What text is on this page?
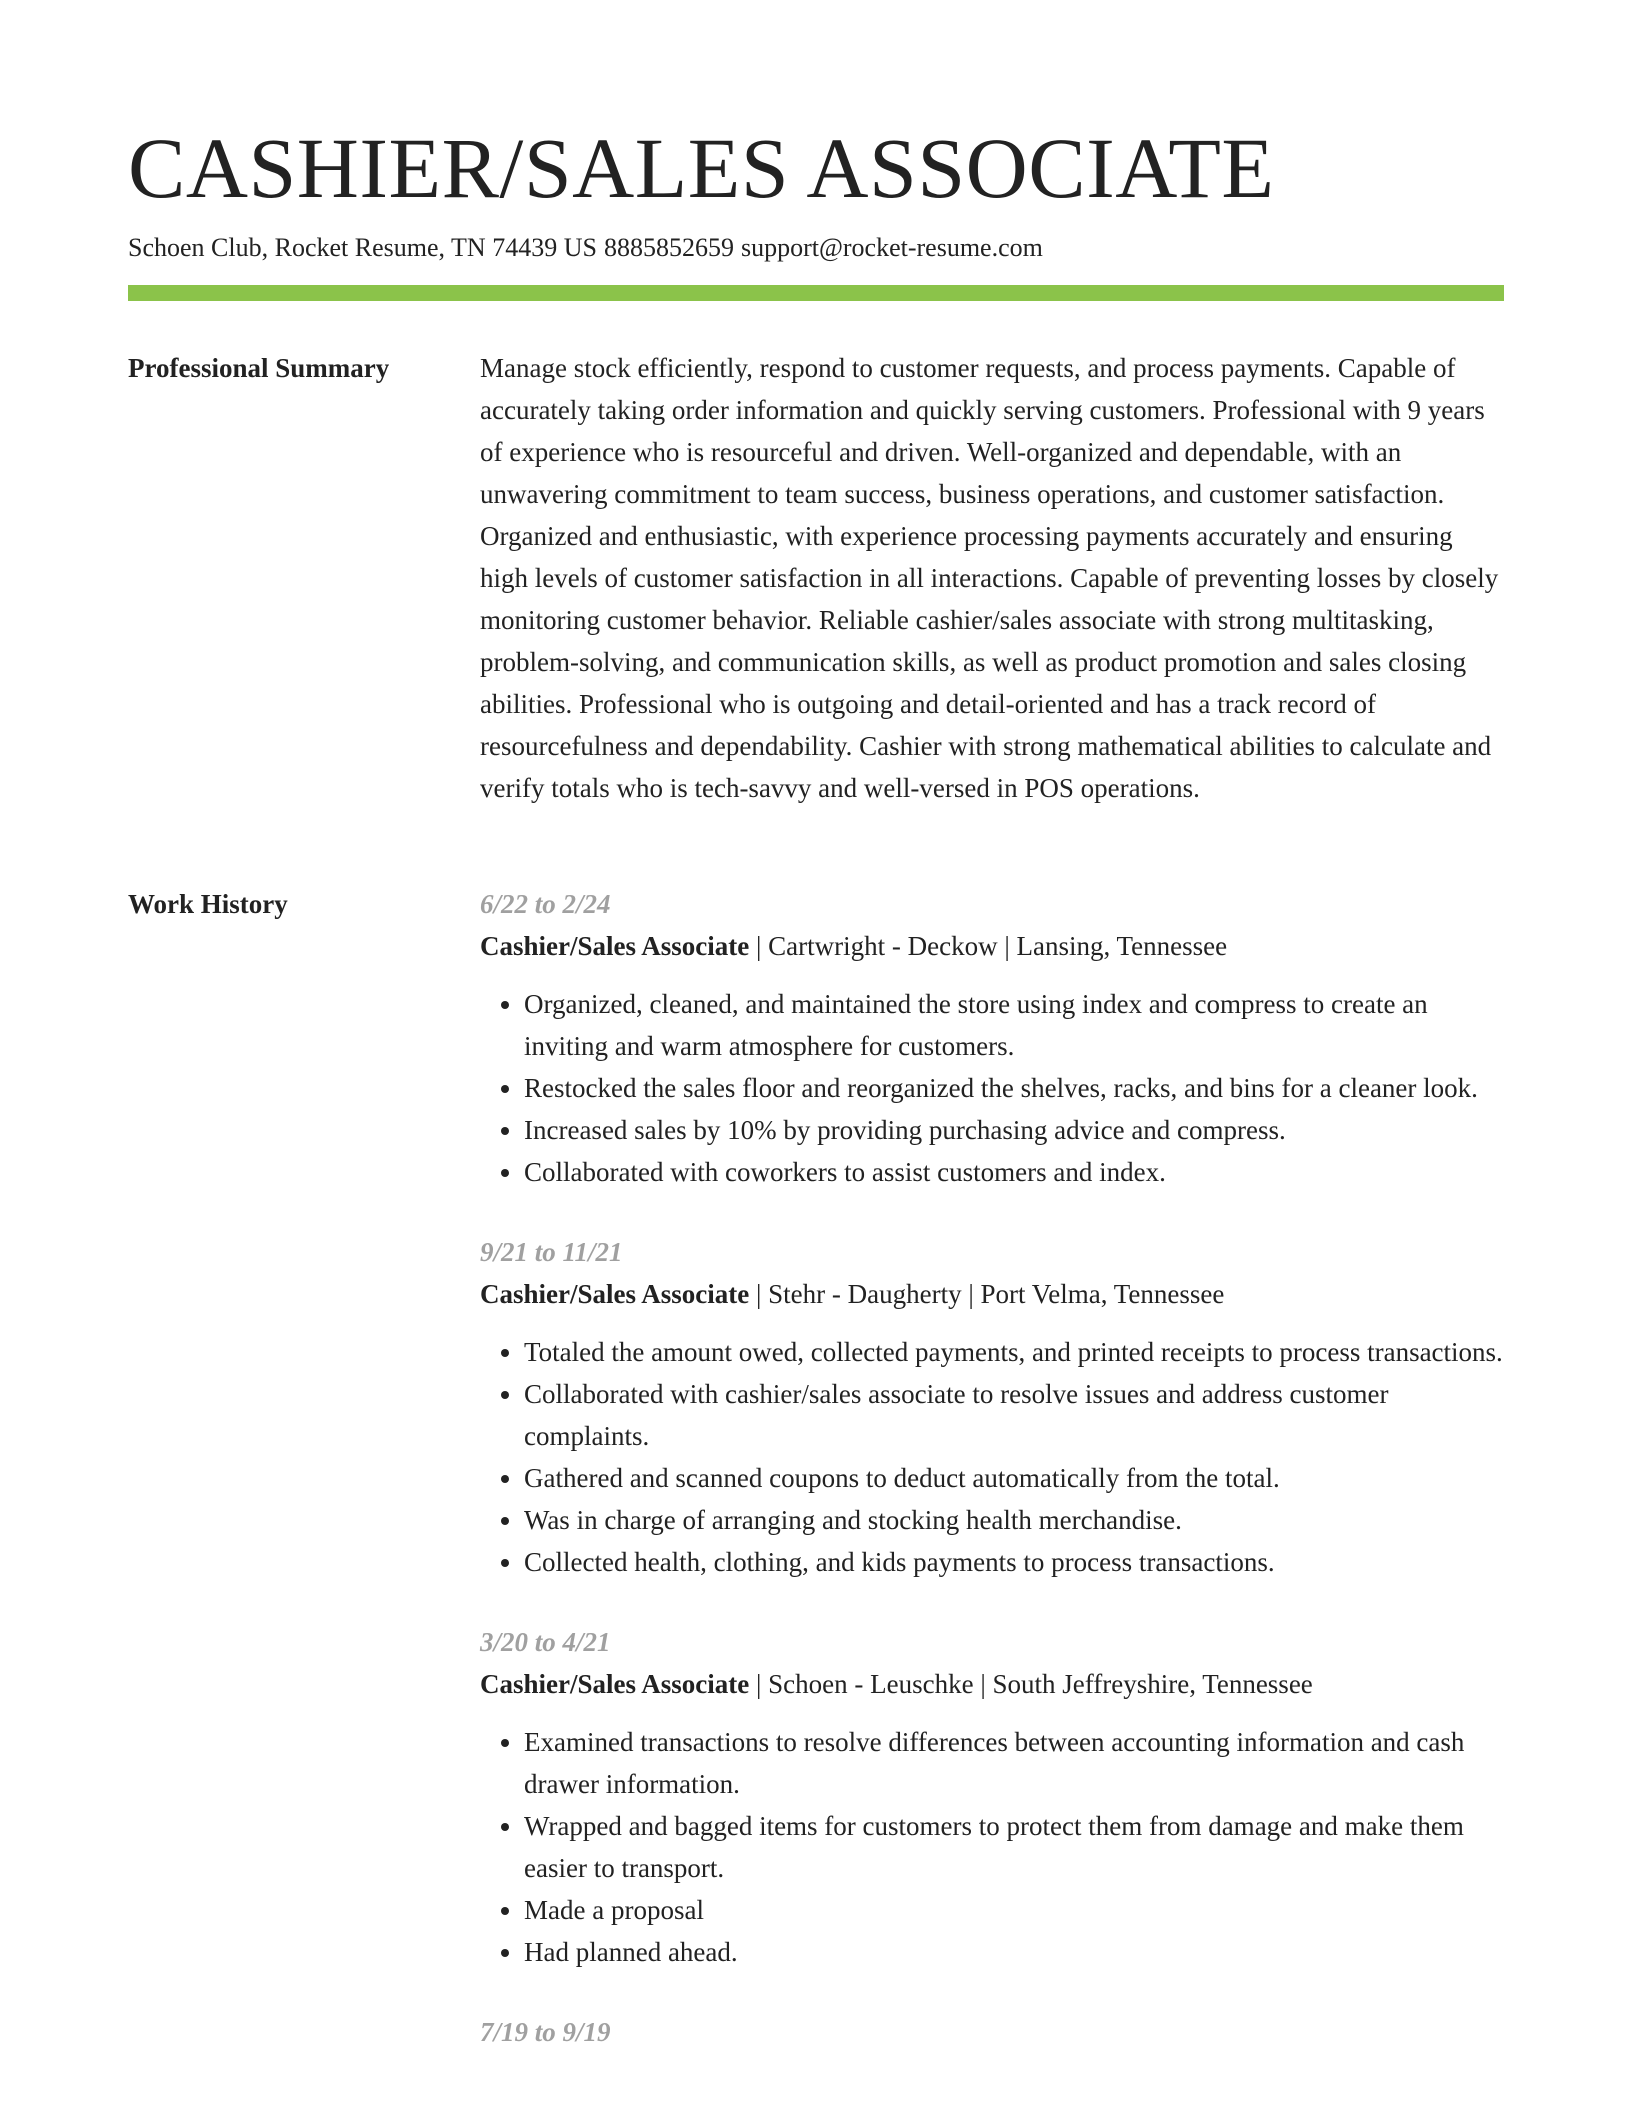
CASHIER/SALES ASSOCIATE
Schoen Club, Rocket Resume, TN 74439 US 8885852659 support@rocket-resume.com
Professional Summary	Manage stock efficiently, respond to customer requests, and process payments. Capable of accurately taking order information and quickly serving customers. Professional with 9 years of experience who is resourceful and driven. Well-organized and dependable, with an unwavering commitment to team success, business operations, and customer satisfaction. Organized and enthusiastic, with experience processing payments accurately and ensuring high levels of customer satisfaction in all interactions. Capable of preventing losses by closely monitoring customer behavior. Reliable cashier/sales associate with strong multitasking, problem-solving, and communication skills, as well as product promotion and sales closing abilities. Professional who is outgoing and detail-oriented and has a track record of resourcefulness and dependability. Cashier with strong mathematical abilities to calculate and verify totals who is tech-savvy and well-versed in POS operations.

Work History	6/22 to 2/24
Cashier/Sales Associate | Cartwright - Deckow | Lansing, Tennessee
• Organized, cleaned, and maintained the store using index and compress to create an inviting and warm atmosphere for customers.
• Restocked the sales floor and reorganized the shelves, racks, and bins for a cleaner look.
• Increased sales by 10% by providing purchasing advice and compress.
• Collaborated with coworkers to assist customers and index.
9/21 to 11/21
Cashier/Sales Associate | Stehr - Daugherty | Port Velma, Tennessee
• Totaled the amount owed, collected payments, and printed receipts to process transactions.
• Collaborated with cashier/sales associate to resolve issues and address customer complaints.
• Gathered and scanned coupons to deduct automatically from the total.
• Was in charge of arranging and stocking health merchandise.
• Collected health, clothing, and kids payments to process transactions.
3/20 to 4/21
Cashier/Sales Associate | Schoen - Leuschke | South Jeffreyshire, Tennessee
• Examined transactions to resolve differences between accounting information and cash drawer information.
• Wrapped and bagged items for customers to protect them from damage and make them easier to transport.
• Made a proposal
• Had planned ahead.
7/19 to 9/19
